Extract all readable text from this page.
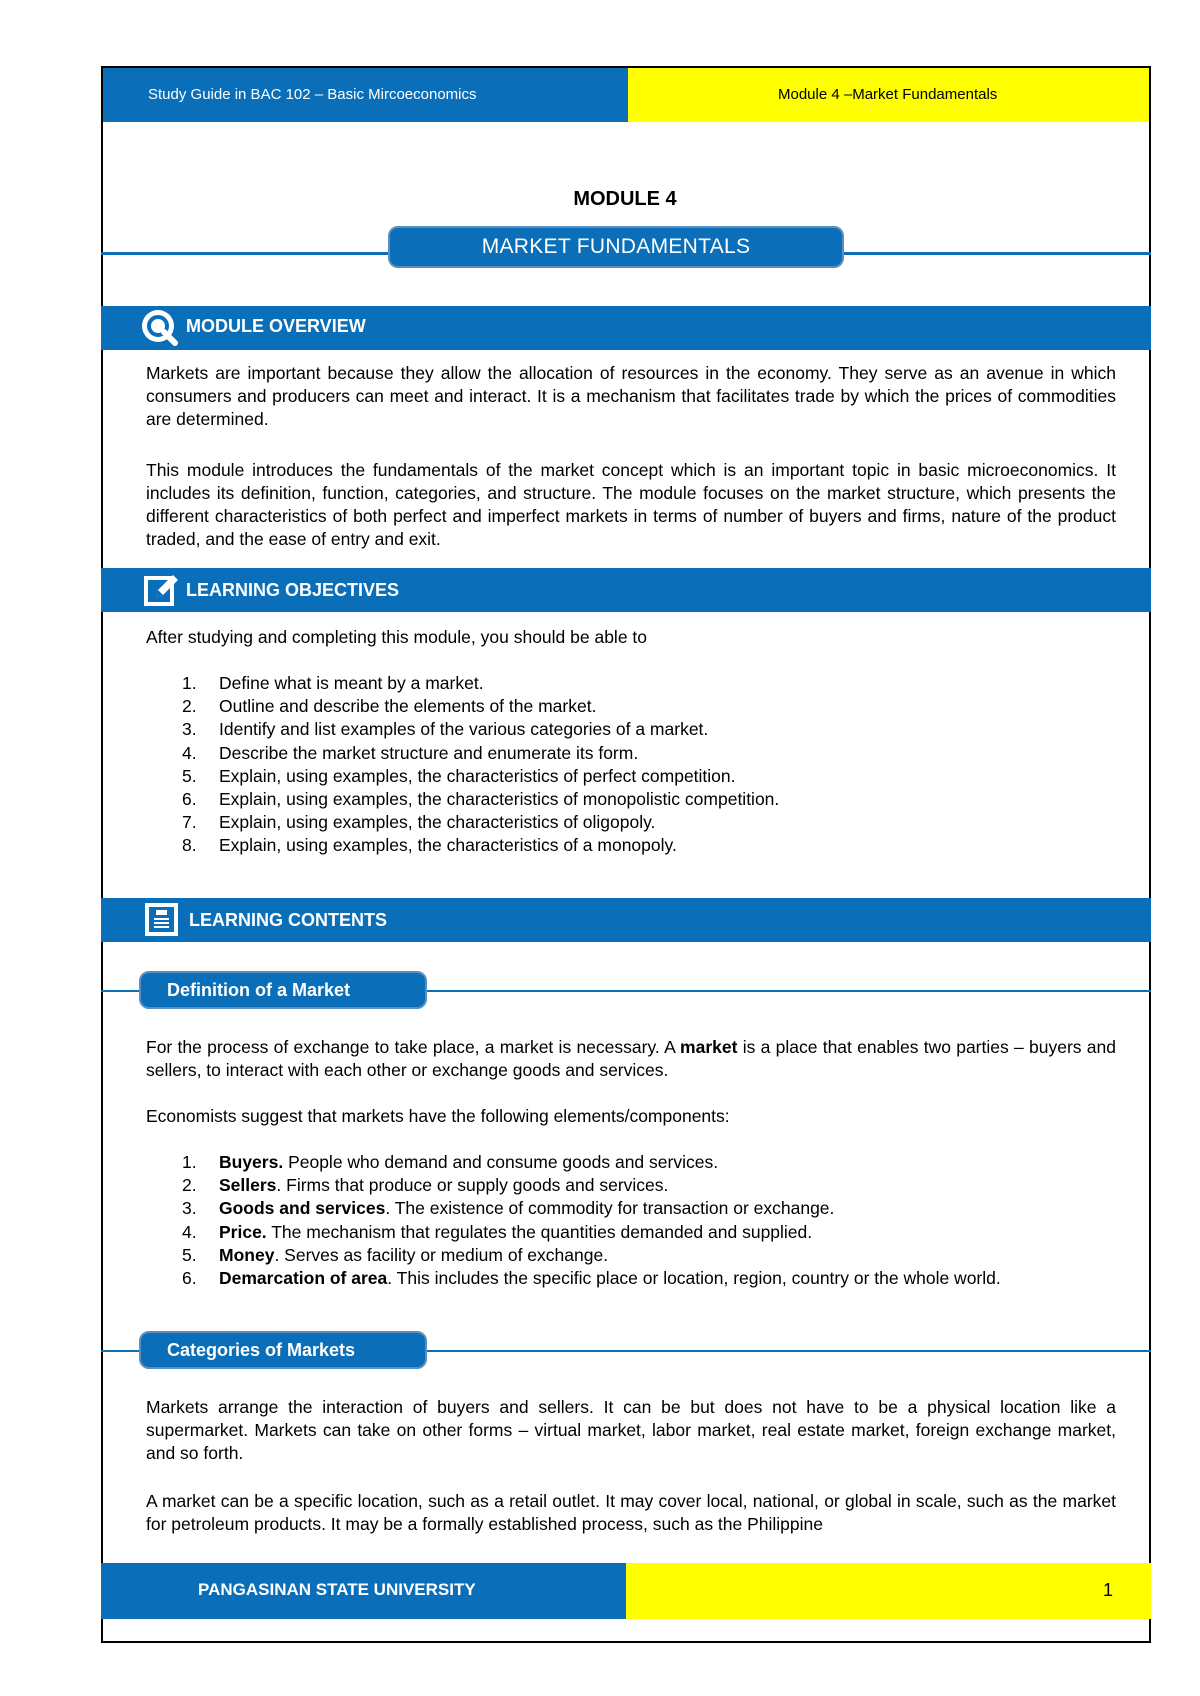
Study Guide in BAC 102 – Basic Mircoeconomics	Module 4 –Market Fundamentals
MODULE 4
MARKET FUNDAMENTALS
MODULE OVERVIEW

Markets are important because they allow the allocation of resources in the economy. They serve as an avenue in which consumers and producers can meet and interact. It is a mechanism that facilitates trade by which the prices of commodities are determined.

This module introduces the fundamentals of the market concept which is an important topic in basic microeconomics. It includes its definition, function, categories, and structure. The module focuses on the market structure, which presents the different characteristics of both perfect and imperfect markets in terms of number of buyers and firms, nature of the product traded, and the ease of entry and exit.

LEARNING OBJECTIVES

After studying and completing this module, you should be able to

1.	Define what is meant by a market.
2.	Outline and describe the elements of the market.
3.	Identify and list examples of the various categories of a market.
4.	Describe the market structure and enumerate its form.
5.	Explain, using examples, the characteristics of perfect competition.
6.	Explain, using examples, the characteristics of monopolistic competition.
7.	Explain, using examples, the characteristics of oligopoly.
8.	Explain, using examples, the characteristics of a monopoly.
LEARNING CONTENTS
Definition of a Market

For the process of exchange to take place, a market is necessary. A market is a place that enables two parties – buyers and sellers, to interact with each other or exchange goods and services.

Economists suggest that markets have the following elements/components:

1.	Buyers. People who demand and consume goods and services.
2.	Sellers. Firms that produce or supply goods and services.
3.	Goods and services. The existence of commodity for transaction or exchange.
4.	Price. The mechanism that regulates the quantities demanded and supplied.
5.	Money. Serves as facility or medium of exchange.
6.	Demarcation of area. This includes the specific place or location, region, country or the whole world.
Categories of Markets

Markets arrange the interaction of buyers and sellers. It can be but does not have to be a physical location like a supermarket. Markets can take on other forms – virtual market, labor market, real estate market, foreign exchange market, and so forth.

A market can be a specific location, such as a retail outlet. It may cover local, national, or global in scale, such as the market for petroleum products. It may be a formally established process, such as the Philippine

PANGASINAN STATE UNIVERSITY	1
